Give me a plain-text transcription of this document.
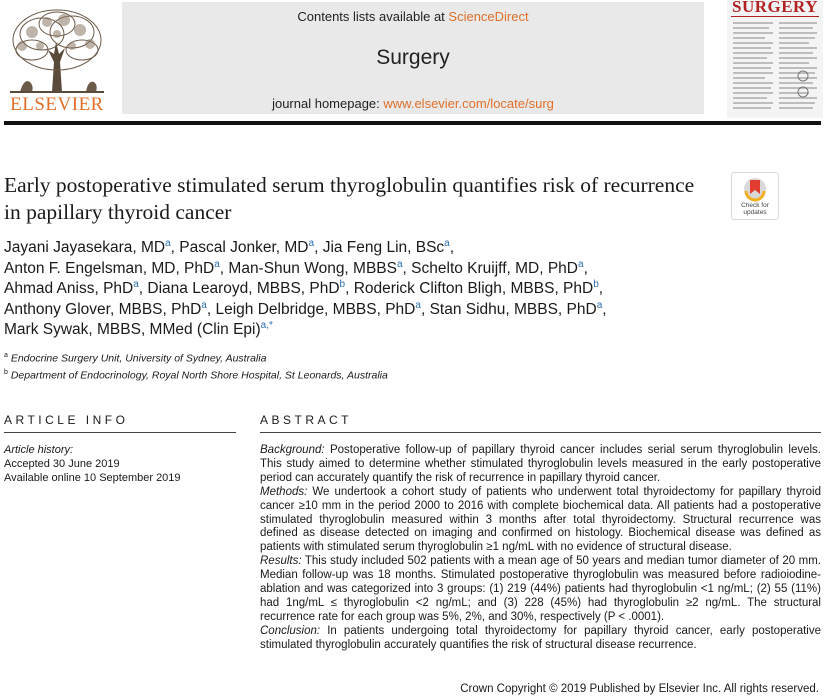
ELSEVIER
Contents lists available at ScienceDirect
Surgery
journal homepage: www.elsevier.com/locate/surg
SURGERY
Early postoperative stimulated serum thyroglobulin quantifies risk of recurrence in papillary thyroid cancer	Check for
updates
Jayani Jayasekara, $MD^a$, Pascal Jonker, $MD^a$, Jia Feng Lin, BSc$^a$,
Anton F. Engelsman, MD, PhD$^a$, Man-Shun Wong, MBBS$^a$, Schelto Kruijff, MD, PhD$^a$,
Ahmad Aniss, PhD$^a$, Diana Learoyd, MBBS, PhD$^b$, Roderick Clifton Bligh, MBBS, PhD$^b$,
Anthony Glover, MBBS, PhD$^a$, Leigh Delbridge, MBBS, PhD$^a$, Stan Sidhu, MBBS, PhD$^a$,
Mark Sywak, MBBS, MMed (Clin Epi)$^{a,*}$
$^a$ Endocrine Surgery Unit, University of Sydney, Australia
$^b$ Department of Endocrinology, Royal North Shore Hospital, St Leonards, Australia
ARTICLE INFO
Article history:
Accepted 30 June 2019
Available online 10 September 2019
ABSTRACT

Background: Postoperative follow-up of papillary thyroid cancer includes serial serum thyroglobulin levels. This study aimed to determine whether stimulated thyroglobulin levels measured in the early postoperative period can accurately quantify the risk of recurrence in papillary thyroid cancer.

Methods: We undertook a cohort study of patients who underwent total thyroidectomy for papillary thyroid cancer ≥10 mm in the period 2000 to 2016 with complete biochemical data. All patients had a postoperative stimulated thyroglobulin measured within 3 months after total thyroidectomy. Structural recurrence was defined as disease detected on imaging and confirmed on histology. Biochemical disease was defined as patients with stimulated serum thyroglobulin ≥1 ng/mL with no evidence of structural disease.

Results: This study included 502 patients with a mean age of 50 years and median tumor diameter of 20 mm. Median follow-up was 18 months. Stimulated postoperative thyroglobulin was measured before radioiodine-ablation and was categorized into 3 groups: (1) 219 (44%) patients had thyroglobulin <1 ng/mL; (2) 55 (11%) had 1ng/mL ≤ thyroglobulin <2 ng/mL; and (3) 228 (45%) had thyroglobulin ≥2 ng/mL. The structural recurrence rate for each group was 5%, 2%, and 30%, respectively (P < .0001).

Conclusion: In patients undergoing total thyroidectomy for papillary thyroid cancer, early postoperative stimulated thyroglobulin accurately quantifies the risk of structural disease recurrence.

Crown Copyright © 2019 Published by Elsevier Inc. All rights reserved.
